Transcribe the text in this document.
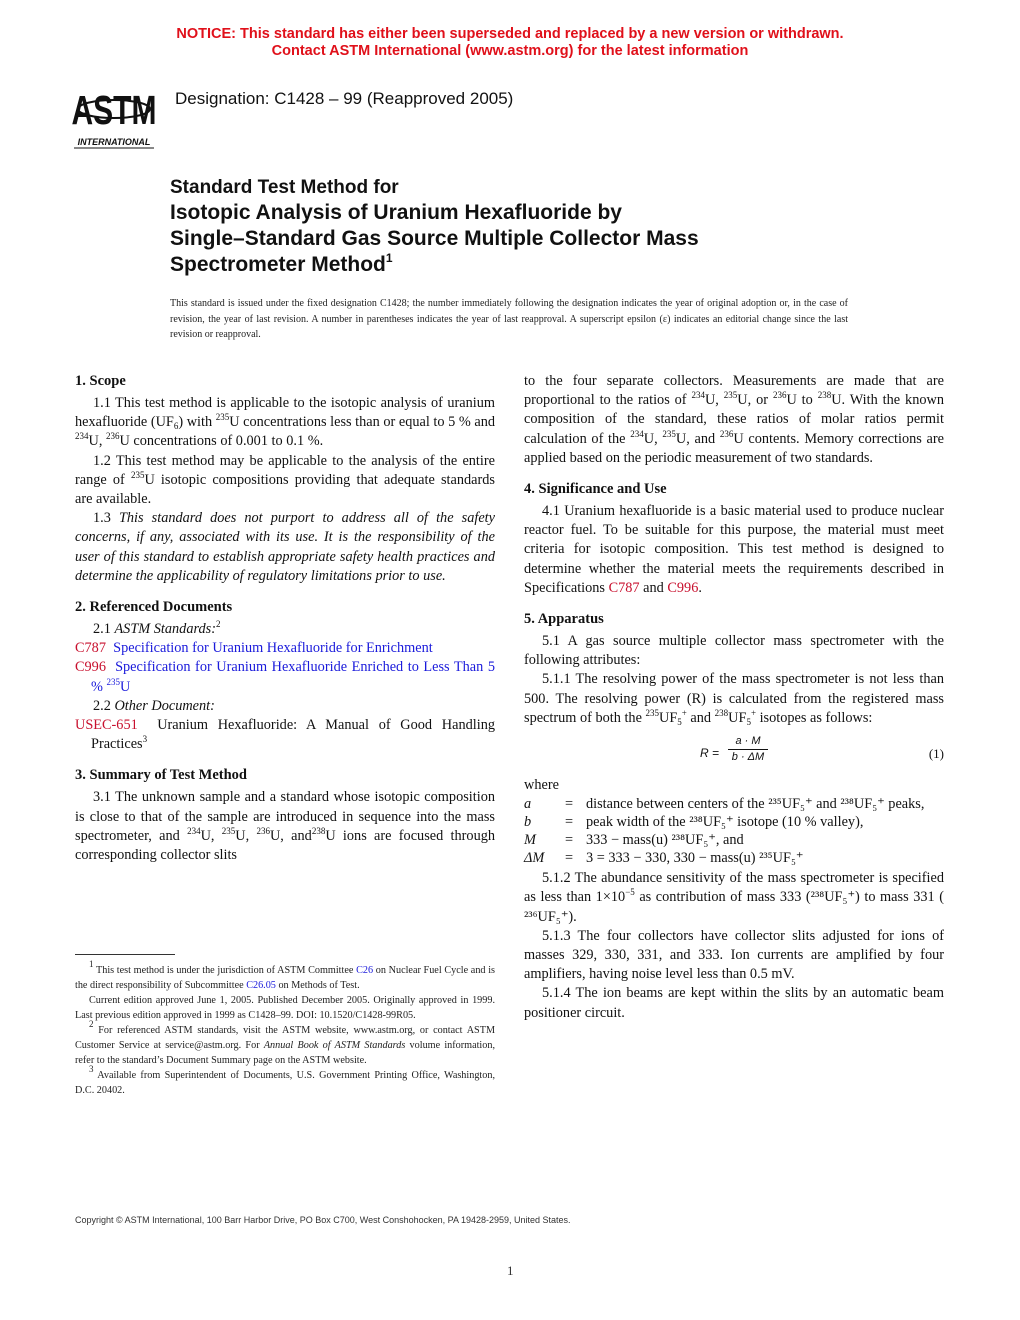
NOTICE: This standard has either been superseded and replaced by a new version or withdrawn.
Contact ASTM International (www.astm.org) for the latest information
ASTM
INTERNATIONAL
Designation: C1428 – 99 (Reapproved 2005)
Standard Test Method for
Isotopic Analysis of Uranium Hexafluoride by
Single–Standard Gas Source Multiple Collector Mass
Spectrometer Method$^1$
This standard is issued under the fixed designation C1428; the number immediately following the designation indicates the year of original adoption or, in the case of revision, the year of last revision. A number in parentheses indicates the year of last reapproval. A superscript epsilon (ε) indicates an editorial change since the last revision or reapproval.
1. Scope

1.1 This test method is applicable to the isotopic analysis of uranium hexafluoride $(UF_6)$ with $^{235}$U concentrations less than or equal to 5 % and $^{234}$U, $^{236}$U concentrations of 0.001 to 0.1 %.

1.2 This test method may be applicable to the analysis of the entire range of $^{235}$U isotopic compositions providing that adequate standards are available.

1.3 This standard does not purport to address all of the safety concerns, if any, associated with its use. It is the responsibility of the user of this standard to establish appropriate safety health practices and determine the applicability of regulatory limitations prior to use.

2. Referenced Documents

2.1 ASTM Standards:$^2$

C787 Specification for Uranium Hexafluoride for Enrichment

C996 Specification for Uranium Hexafluoride Enriched to Less Than 5 % $^{235}$U

2.2 Other Document:

USEC-651 Uranium Hexafluoride: A Manual of Good Handling Practices$^3$

3. Summary of Test Method

3.1 The unknown sample and a standard whose isotopic composition is close to that of the sample are introduced in sequence into the mass spectrometer, and $^{234}$U, $^{235}$U, $^{236}$U, and$^{238}$U ions are focused through corresponding collector slits

$^1$ This test method is under the jurisdiction of ASTM Committee C26 on Nuclear Fuel Cycle and is the direct responsibility of Subcommittee C26.05 on Methods of Test.

Current edition approved June 1, 2005. Published December 2005. Originally approved in 1999. Last previous edition approved in 1999 as C1428–99. DOI: 10.1520/C1428-99R05.

$^2$ For referenced ASTM standards, visit the ASTM website, www.astm.org, or contact ASTM Customer Service at service@astm.org. For Annual Book of ASTM Standards volume information, refer to the standard’s Document Summary page on the ASTM website.

$^3$ Available from Superintendent of Documents, U.S. Government Printing Office, Washington, D.C. 20402.

to the four separate collectors. Measurements are made that are proportional to the ratios of $^{234}$U, $^{235}$U, or $^{236}$U to $^{238}$U. With the known composition of the standard, these ratios of molar ratios permit calculation of the $^{234}$U, $^{235}$U, and $^{236}$U contents. Memory corrections are applied based on the periodic measurement of two standards.

4. Significance and Use

4.1 Uranium hexafluoride is a basic material used to produce nuclear reactor fuel. To be suitable for this purpose, the material must meet criteria for isotopic composition. This test method is designed to determine whether the material meets the requirements described in Specifications C787 and C996.

5. Apparatus

5.1 A gas source multiple collector mass spectrometer with the following attributes:

5.1.1 The resolving power of the mass spectrometer is not less than 500. The resolving power (R) is calculated from the registered mass spectrum of both the $^{235}UF_5^+$ and $^{238}UF_5^+$ isotopes as follows:

$R = \frac{a \cdot M}{b \cdot \Delta M}$	(1)
where
a	=	distance between centers of the ²³⁵UF₅⁺ and ²³⁸UF₅⁺ peaks,
b	=	peak width of the ²³⁸UF₅⁺ isotope (10 % valley),
M	=	333 − mass(u) ²³⁸UF₅⁺, and
ΔM	=	3 = 333 − 330, 330 − mass(u) ²³⁵UF₅⁺

5.1.2 The abundance sensitivity of the mass spectrometer is specified as less than $1\times 10^{-5}$ as contribution of mass 333 (²³⁸UF₅⁺) to mass 331 ( ²³⁶UF₅⁺).

5.1.3 The four collectors have collector slits adjusted for ions of masses 329, 330, 331, and 333. Ion currents are amplified by four amplifiers, having noise level less than 0.5 mV.

5.1.4 The ion beams are kept within the slits by an automatic beam positioner circuit.

Copyright © ASTM International, 100 Barr Harbor Drive, PO Box C700, West Conshohocken, PA 19428-2959, United States.
1
